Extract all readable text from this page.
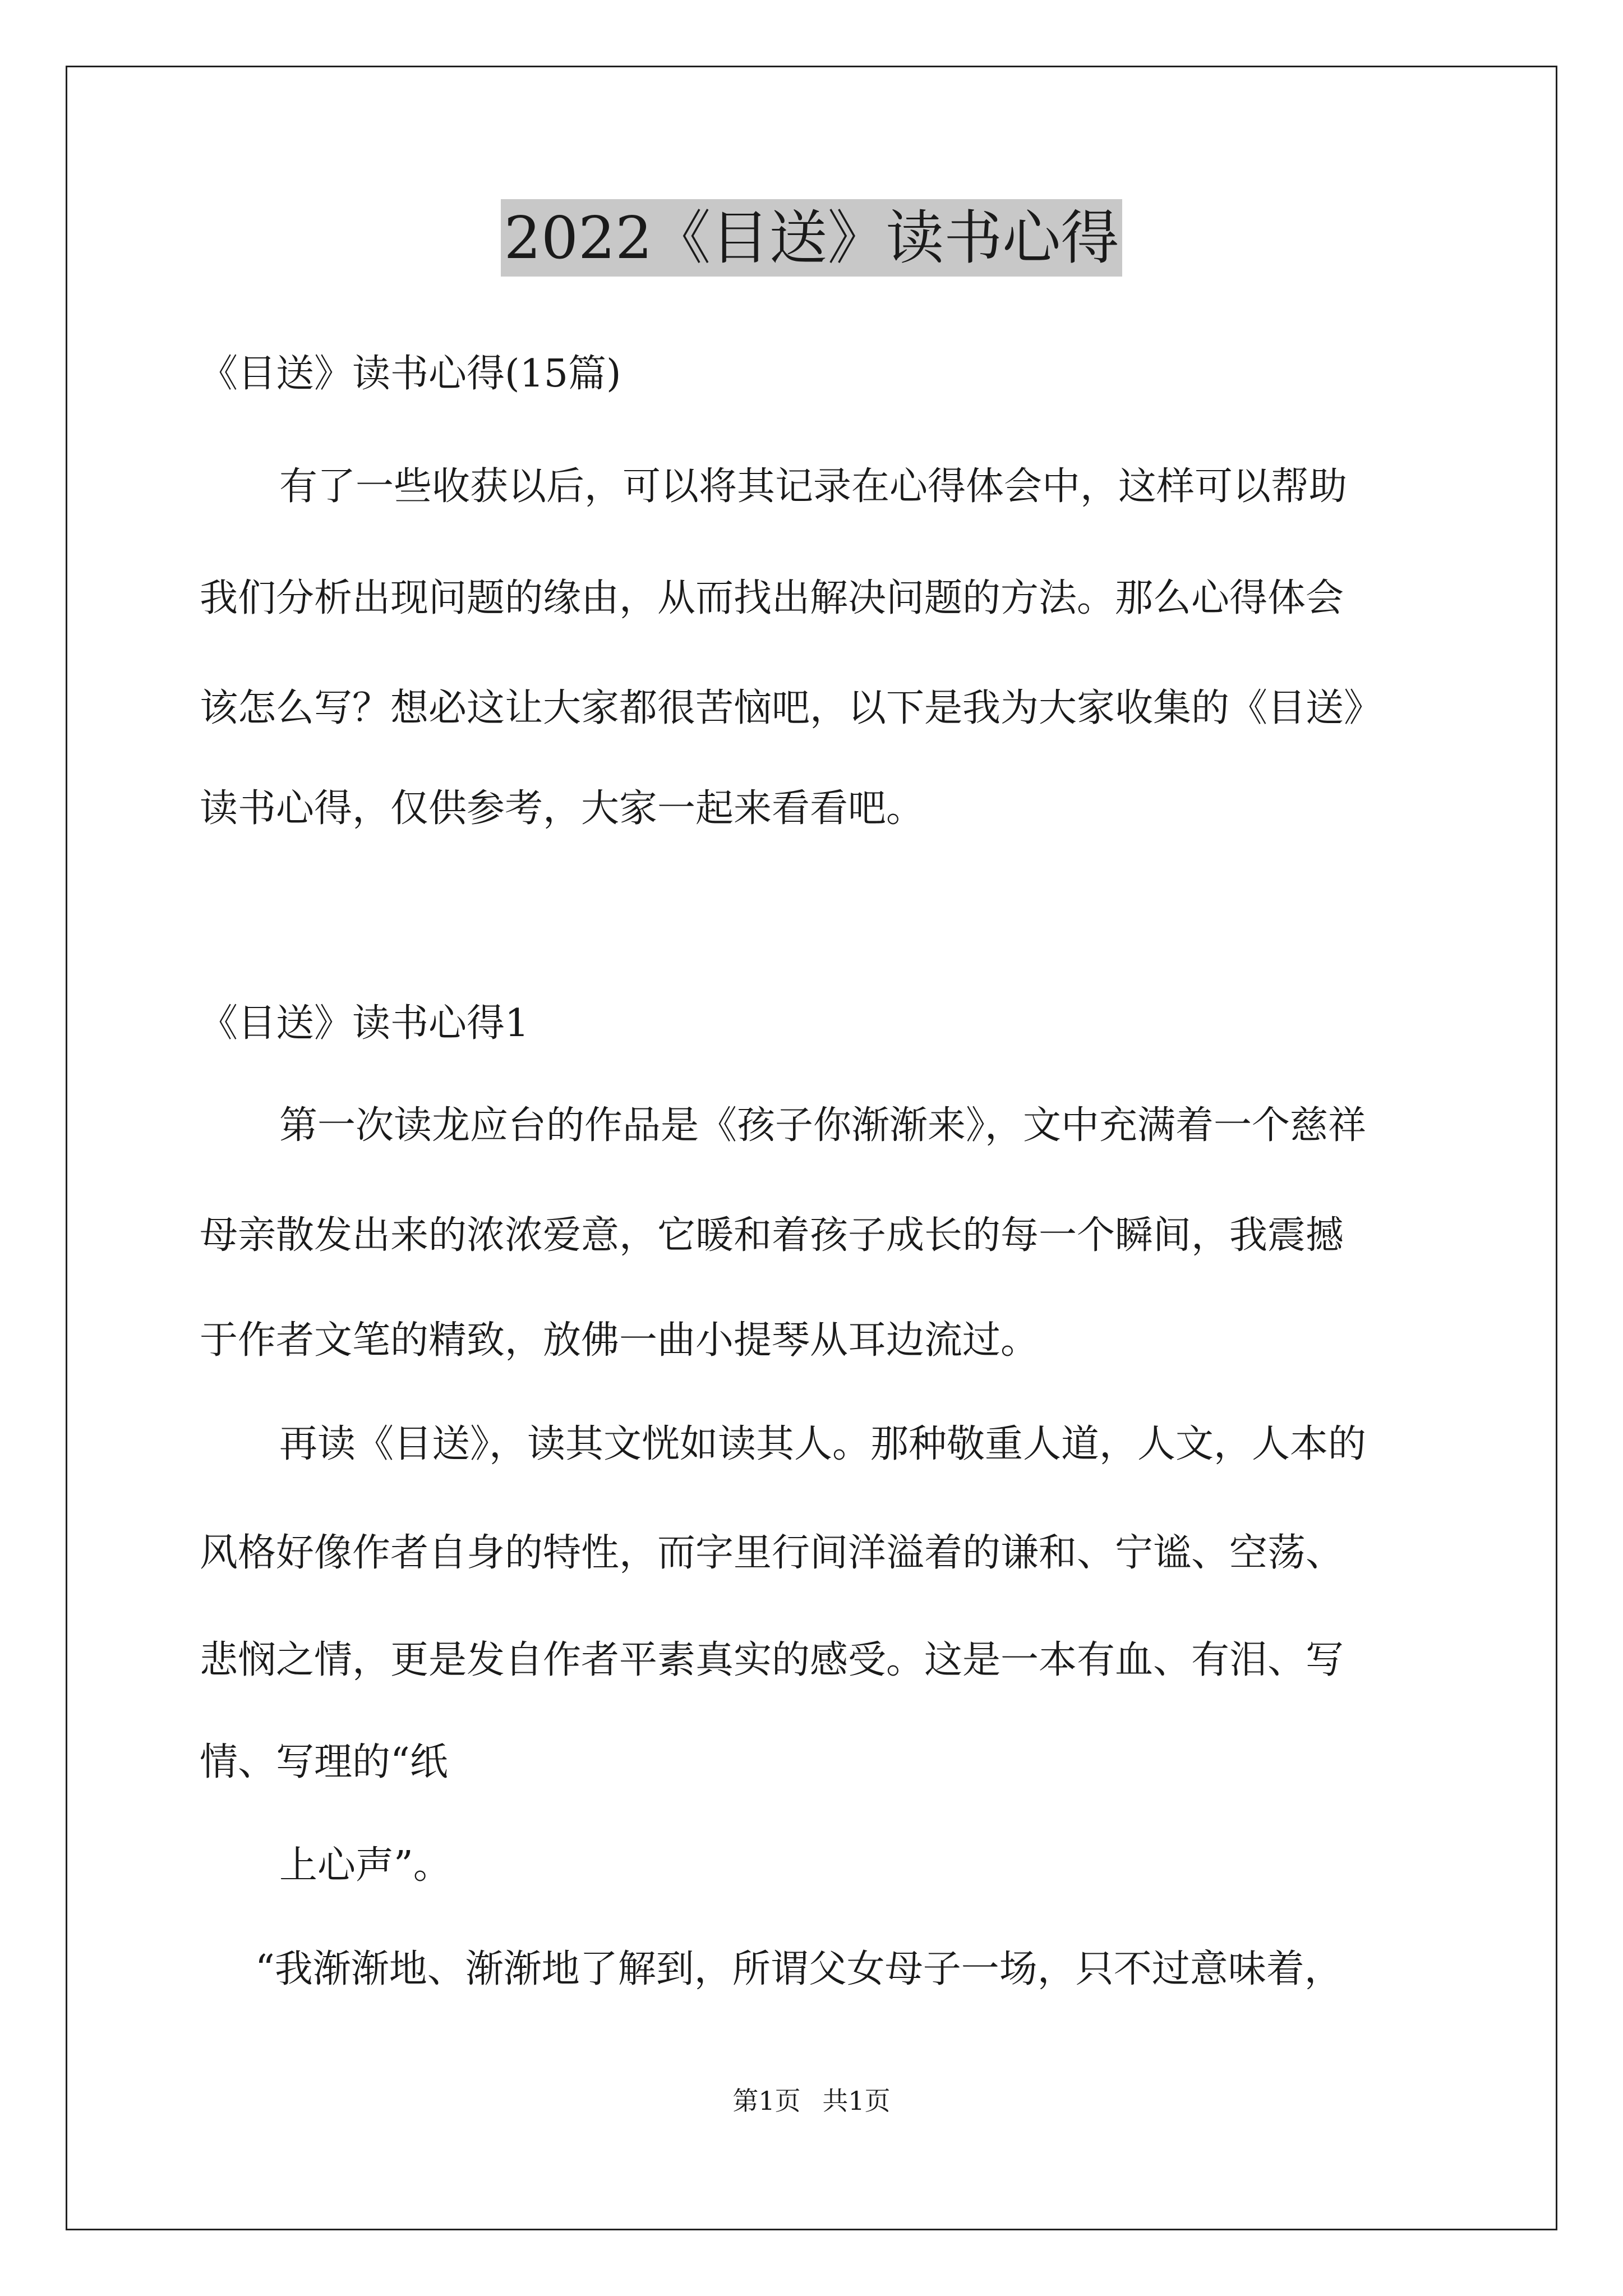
2022《目送》读书心得
《目送》读书心得(15篇)
有了一些收获以后，可以将其记录在心得体会中，这样可以帮助
我们分析出现问题的缘由，从而找出解决问题的方法。那么心得体会
该怎么写？想必这让大家都很苦恼吧，以下是我为大家收集的《目送》
读书心得，仅供参考，大家一起来看看吧。
《目送》读书心得1
第一次读龙应台的作品是《孩子你渐渐来》，文中充满着一个慈祥
母亲散发出来的浓浓爱意，它暖和着孩子成长的每一个瞬间，我震撼
于作者文笔的精致，放佛一曲小提琴从耳边流过。
再读《目送》，读其文恍如读其人。那种敬重人道，人文，人本的
风格好像作者自身的特性，而字里行间洋溢着的谦和、宁谧、空荡、
悲悯之情，更是发自作者平素真实的感受。这是一本有血、有泪、写
情、写理的“纸
上心声”。
“我渐渐地、渐渐地了解到，所谓父女母子一场，只不过意味着，
第1页 共1页
